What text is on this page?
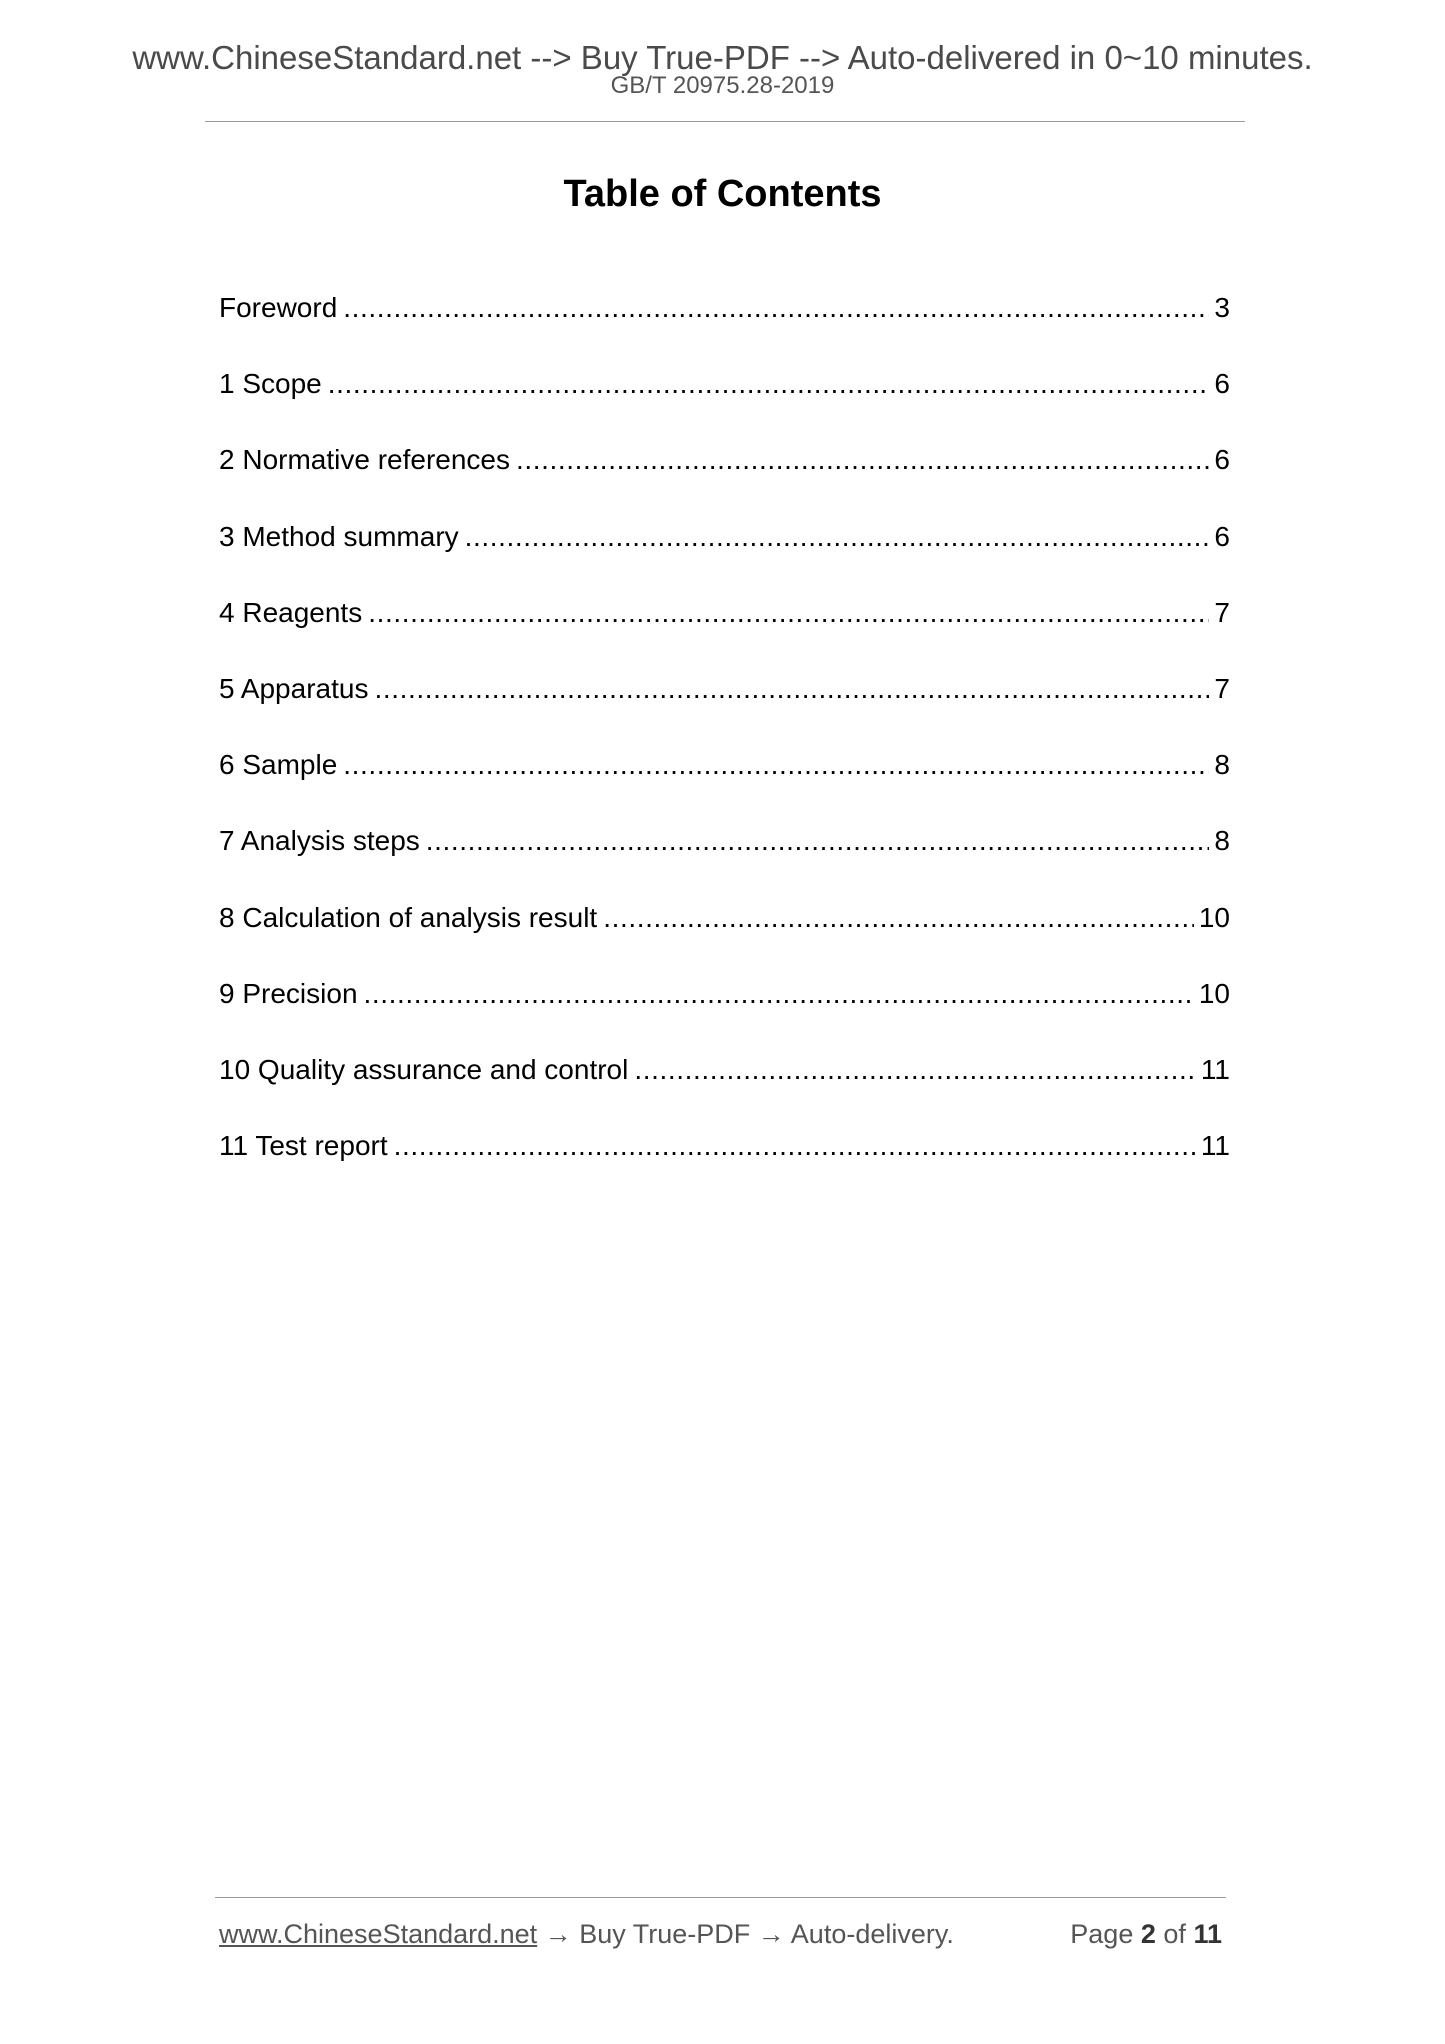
www.ChineseStandard.net --> Buy True-PDF --> Auto-delivered in 0~10 minutes.
GB/T 20975.28-2019
Table of Contents
Foreword .....	3
1 Scope .....	6
2 Normative references .....	6
3 Method summary .....	6
4 Reagents .....	7
5 Apparatus .....	7
6 Sample .....	8
7 Analysis steps .....	8
8 Calculation of analysis result .....	10
9 Precision .....	10
10 Quality assurance and control .....	11
11 Test report .....	11
www.ChineseStandard.net → Buy True-PDF → Auto-delivery.	Page 2 of 11
